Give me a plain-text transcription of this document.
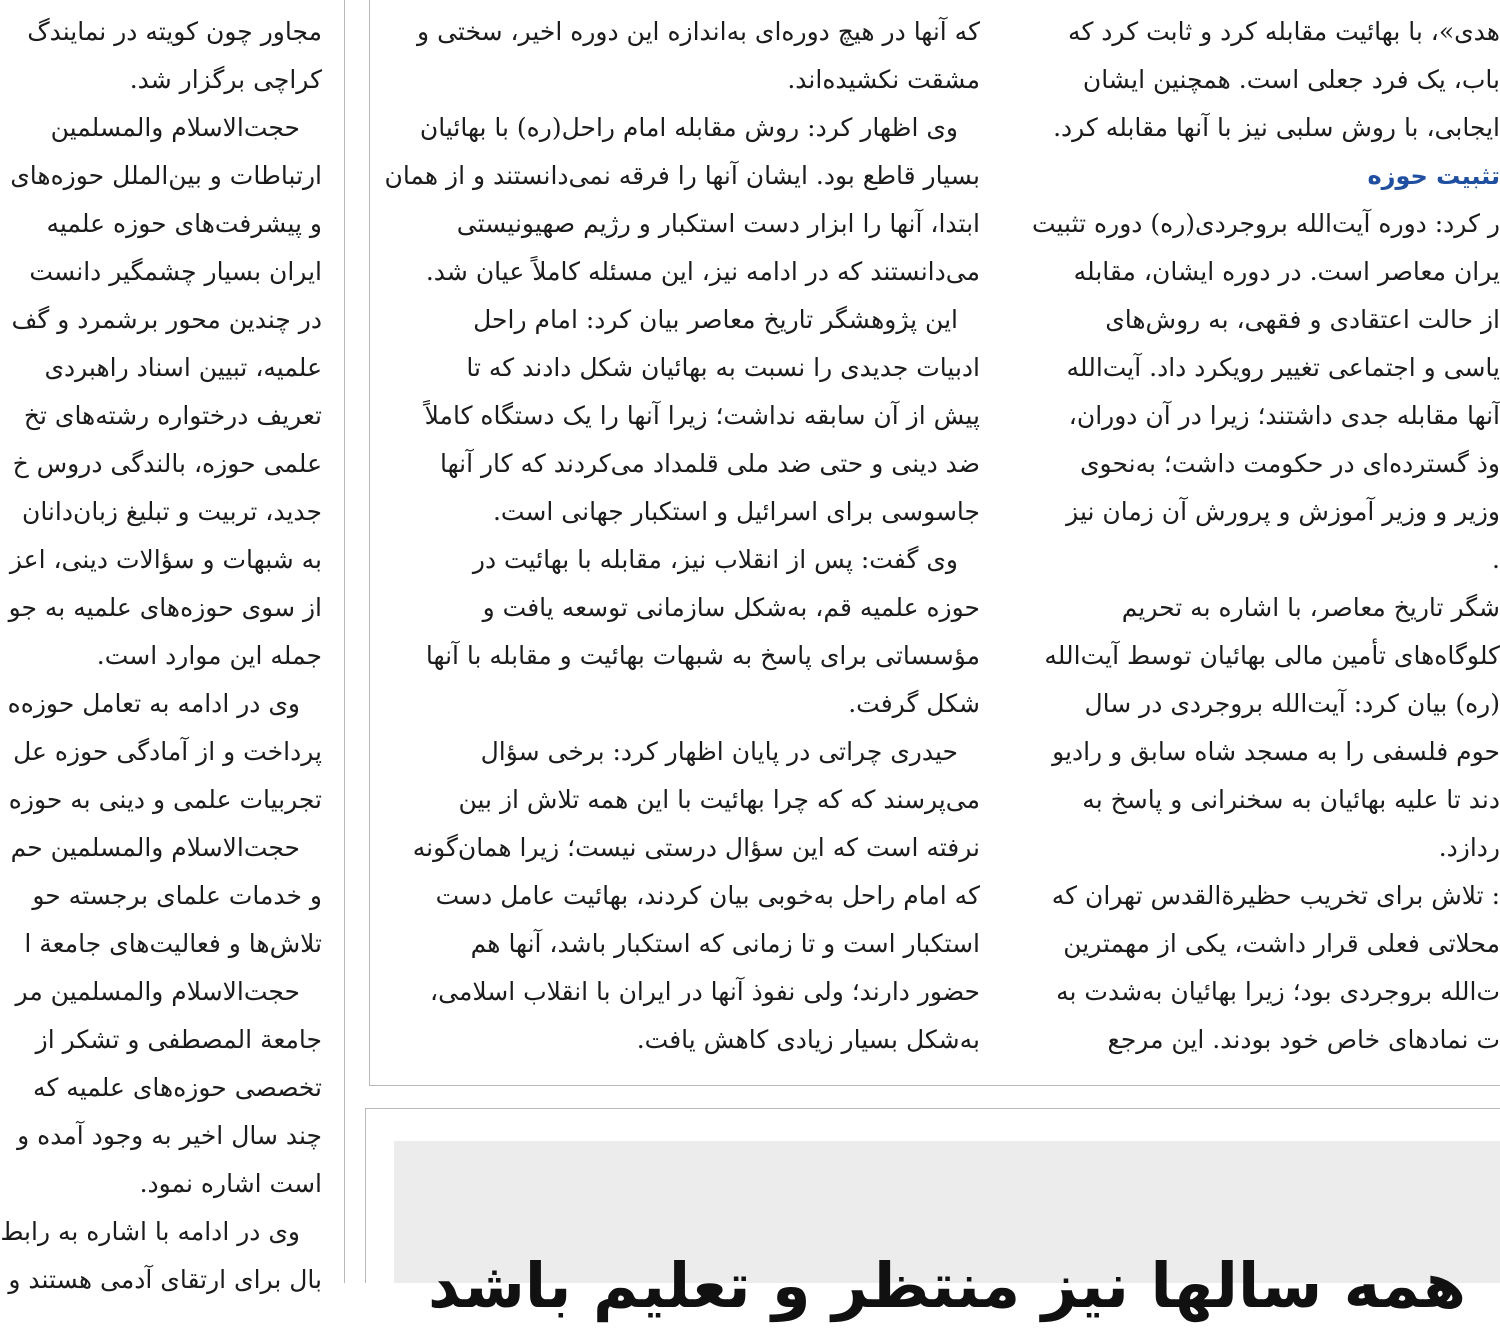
مجاور چون کویته در نمایندگ
کراچی برگزار شد.
حجت‌الاسلام والمسلمین
ارتباطات و بین‌الملل حوزه‌های
و پیشرفت‌های حوزه علمیه
ایران بسیار چشمگیر دانست
در چندین محور برشمرد و گف
علمیه، تبیین اسناد راهبردی
تعریف درختواره رشته‌های تخ
علمی حوزه، بالندگی دروس خ
جدید، تربیت و تبلیغ زبان‌دانان
به شبهات و سؤالات دینی، اعز
از سوی حوزه‌های علمیه به جو
جمله این موارد است.
وی در ادامه به تعامل حوزه‌ه
پرداخت و از آمادگی حوزه عل
تجربیات علمی و دینی به حوزه
حجت‌الاسلام والمسلمین حم
و خدمات علمای برجسته حو
تلاش‌ها و فعالیت‌های جامعة ا
حجت‌الاسلام والمسلمین مر
جامعة المصطفی و تشکر از
تخصصی حوزه‌های علمیه که
چند سال اخیر به وجود آمده و
است اشاره نمود.
وی در ادامه با اشاره به رابط
بال برای ارتقای آدمی هستند و
که آنها در هیچ دوره‌ای به‌اندازه این دوره اخیر، سختی و
مشقت نکشیده‌اند.
وی اظهار کرد: روش مقابله امام راحل(ره) با بهائیان
بسیار قاطع بود. ایشان آنها را فرقه نمی‌دانستند و از همان
ابتدا، آنها را ابزار دست استکبار و رژیم صهیونیستی
می‌دانستند که در ادامه نیز، این مسئله کاملاً عیان شد.
این پژوهشگر تاریخ معاصر بیان کرد: امام راحل
ادبیات جدیدی را نسبت به بهائیان شکل دادند که تا
پیش از آن سابقه نداشت؛ زیرا آنها را یک دستگاه کاملاً
ضد دینی و حتی ضد ملی قلمداد می‌کردند که کار آنها
جاسوسی برای اسرائیل و استکبار جهانی است.
وی گفت: پس از انقلاب نیز، مقابله با بهائیت در
حوزه علمیه قم، به‌شکل سازمانی توسعه یافت و
مؤسساتی برای پاسخ به شبهات بهائیت و مقابله با آنها
شکل گرفت.
حیدری چراتی در پایان اظهار کرد: برخی سؤال
می‌پرسند که که چرا بهائیت با این همه تلاش از بین
نرفته است که این سؤال درستی نیست؛ زیرا همان‌گونه
که امام راحل به‌خوبی بیان کردند، بهائیت عامل دست
استکبار است و تا زمانی که استکبار باشد، آنها هم
حضور دارند؛ ولی نفوذ آنها در ایران با انقلاب اسلامی،
به‌شکل بسیار زیادی کاهش یافت.
هدی»، با بهائیت مقابله کرد و ثابت کرد که
باب، یک فرد جعلی است. همچنین ایشان
ایجابی، با روش سلبی نیز با آنها مقابله کرد.
تثبیت حوزه
ر کرد: دوره آیت‌الله بروجردی(ره) دوره تثبیت
یران معاصر است. در دوره ایشان، مقابله
از حالت اعتقادی و فقهی، به روش‌های
یاسی و اجتماعی تغییر رویکرد داد. آیت‌الله
آنها مقابله جدی داشتند؛ زیرا در آن دوران،
وذ گسترده‌ای در حکومت داشت؛ به‌نحوی
وزیر و وزیر آموزش و پرورش آن زمان نیز
.
شگر تاریخ معاصر، با اشاره به تحریم
کلوگاه‌های تأمین مالی بهائیان توسط آیت‌الله
(ره) بیان کرد: آیت‌الله بروجردی در سال
حوم فلسفی را به مسجد شاه سابق و رادیو
دند تا علیه بهائیان به سخنرانی و پاسخ به
ردازد.
: تلاش برای تخریب حظیرةالقدس تهران که
محلاتی فعلی قرار داشت، یکی از مهمترین
ت‌الله بروجردی بود؛ زیرا بهائیان به‌شدت به
ت نمادهای خاص خود بودند. این مرجع
همه سالها نیز منتظر و تعلیم باشد
